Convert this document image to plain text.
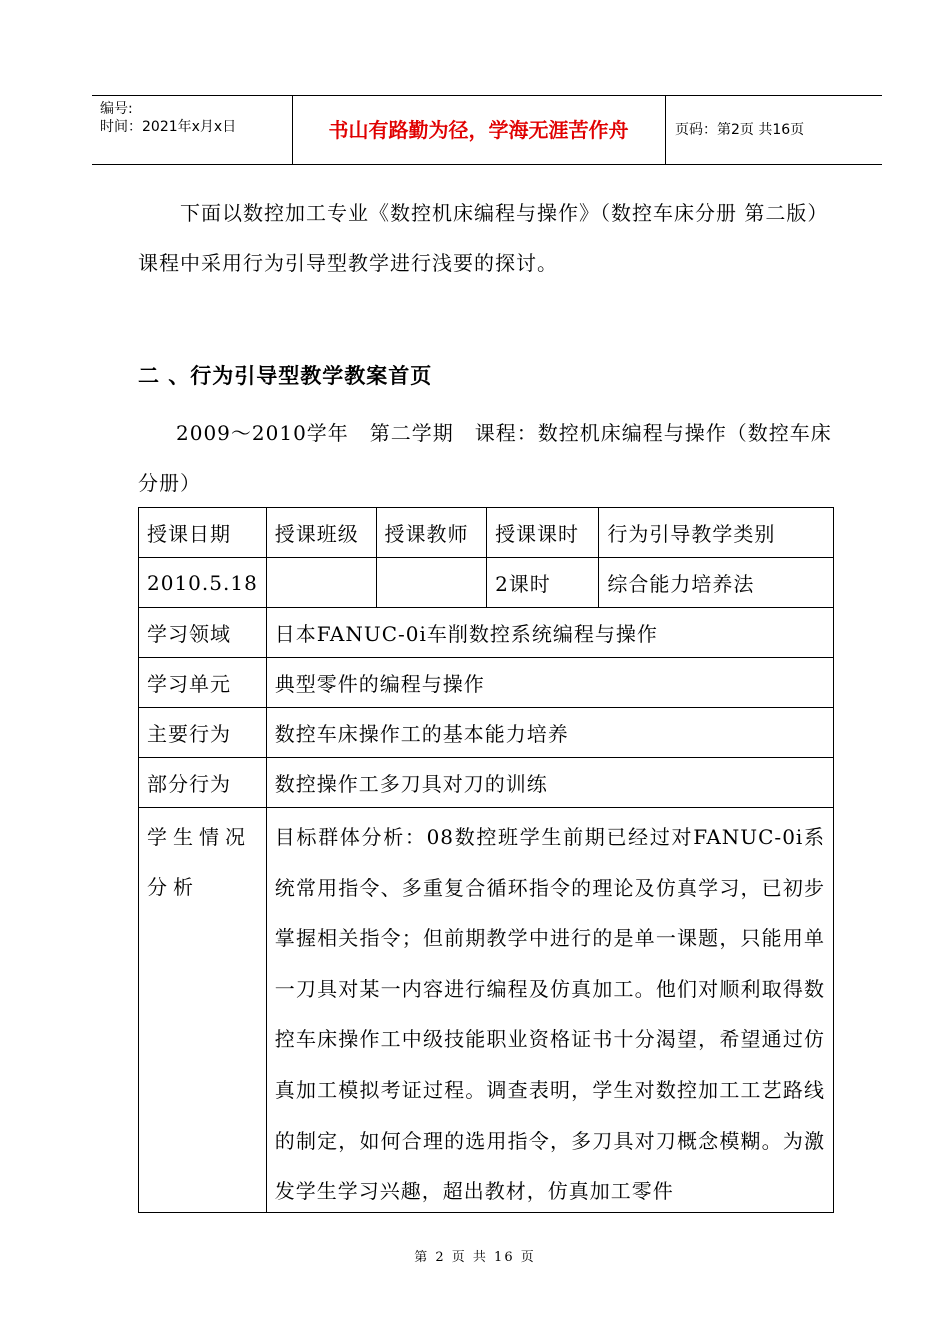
编号:
时间：2021年x月x日	书山有路勤为径，学海无涯苦作舟	页码：第2页 共16页
下面以数控加工专业《数控机床编程与操作》（数控车床分册 第二版）课程中采用行为引导型教学进行浅要的探讨。
二 、行为引导型教学教案首页
2009～2010学年　第二学期　课程：数控机床编程与操作（数控车床分册）
授课日期	授课班级	授课教师	授课课时	行为引导教学类别
2010.5.18			2课时	综合能力培养法
学习领域	日本FANUC-0i车削数控系统编程与操作			
学习单元	典型零件的编程与操作			
主要行为	数控车床操作工的基本能力培养			
部分行为	数控操作工多刀具对刀的训练			
学生情况分析	目标群体分析：08数控班学生前期已经过对FANUC-0i系统常用指令、多重复合循环指令的理论及仿真学习，已初步掌握相关指令；但前期教学中进行的是单一课题，只能用单一刀具对某一内容进行编程及仿真加工。他们对顺利取得数控车床操作工中级技能职业资格证书十分渴望，希望通过仿真加工模拟考证过程。调查表明，学生对数控加工工艺路线的制定，如何合理的选用指令，多刀具对刀概念模糊。为激发学生学习兴趣，超出教材，仿真加工零件			
第 2 页 共 16 页
